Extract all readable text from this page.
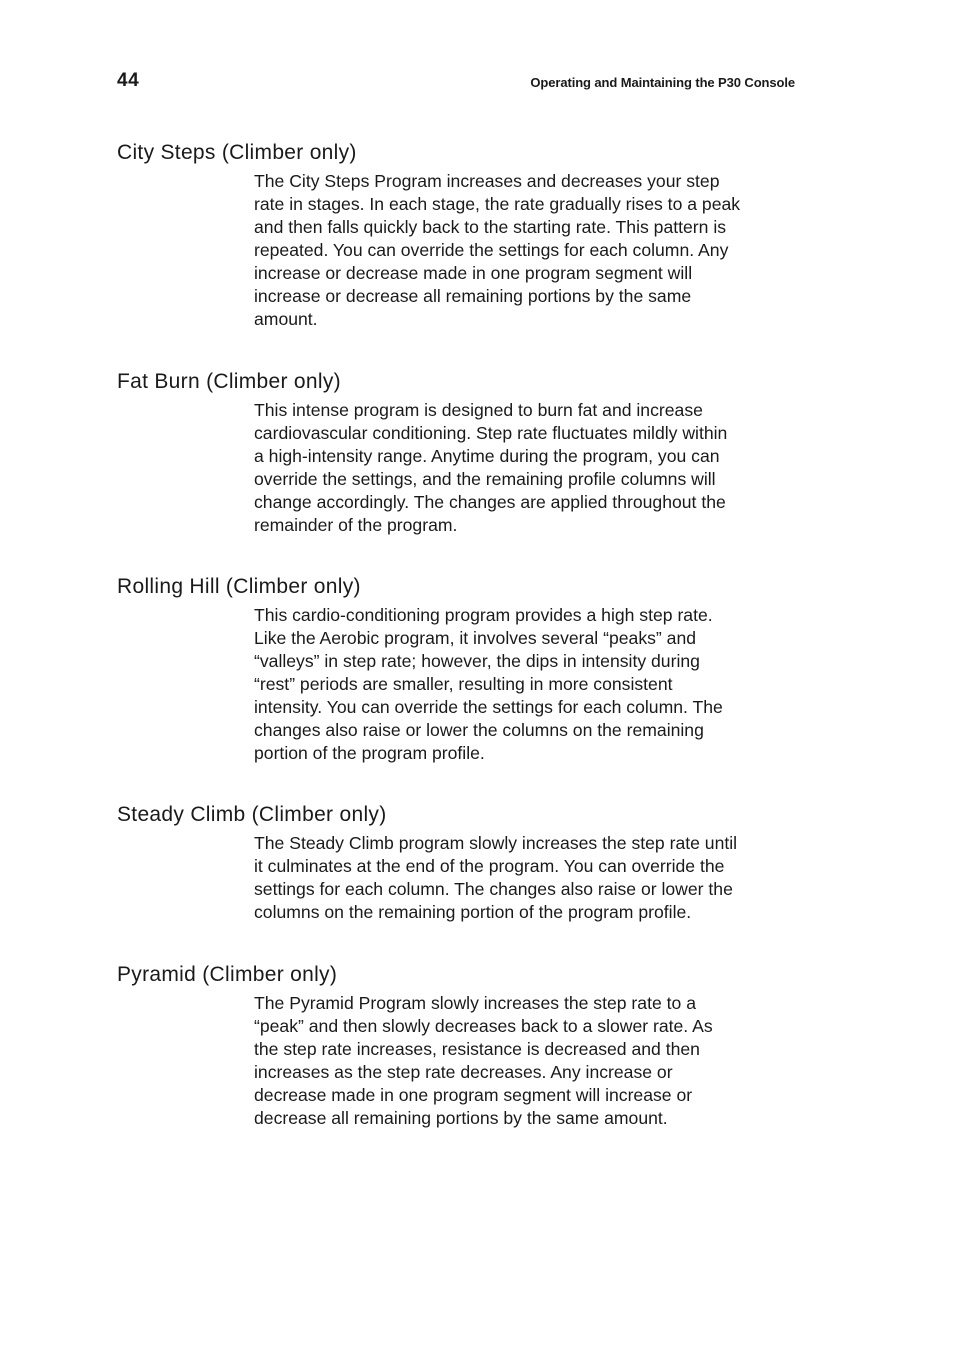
44	Operating and Maintaining the P30 Console
City Steps (Climber only)
The City Steps Program increases and decreases your step
rate in stages. In each stage, the rate gradually rises to a peak
and then falls quickly back to the starting rate. This pattern is
repeated. You can override the settings for each column. Any
increase or decrease made in one program segment will
increase or decrease all remaining portions by the same
amount.
Fat Burn (Climber only)
This intense program is designed to burn fat and increase
cardiovascular conditioning. Step rate fluctuates mildly within
a high-intensity range. Anytime during the program, you can
override the settings, and the remaining profile columns will
change accordingly. The changes are applied throughout the
remainder of the program.
Rolling Hill (Climber only)
This cardio-conditioning program provides a high step rate.
Like the Aerobic program, it involves several “peaks” and
“valleys” in step rate; however, the dips in intensity during
“rest” periods are smaller, resulting in more consistent
intensity. You can override the settings for each column. The
changes also raise or lower the columns on the remaining
portion of the program profile.
Steady Climb (Climber only)
The Steady Climb program slowly increases the step rate until
it culminates at the end of the program. You can override the
settings for each column. The changes also raise or lower the
columns on the remaining portion of the program profile.
Pyramid (Climber only)
The Pyramid Program slowly increases the step rate to a
“peak” and then slowly decreases back to a slower rate. As
the step rate increases, resistance is decreased and then
increases as the step rate decreases. Any increase or
decrease made in one program segment will increase or
decrease all remaining portions by the same amount.
